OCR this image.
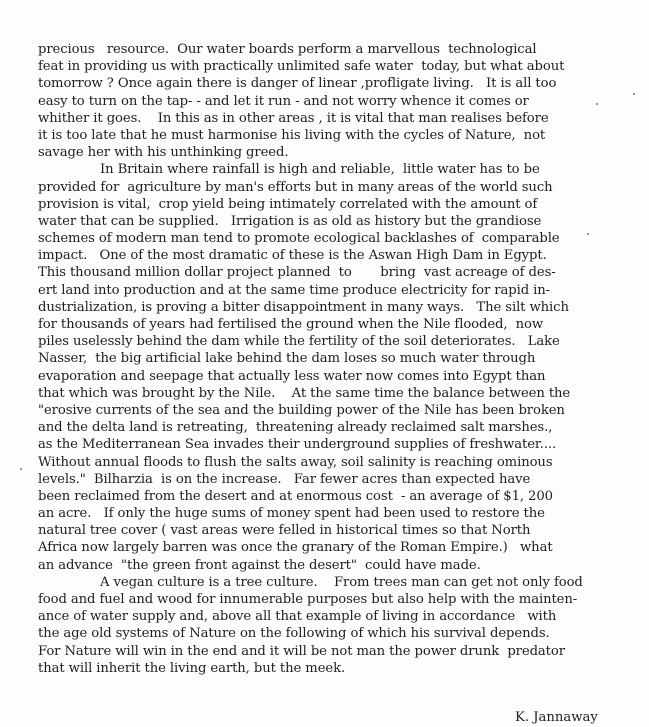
precious   resource.  Our water boards perform a marvellous  technological
feat in providing us with practically unlimited safe water  today, but what about
tomorrow ? Once again there is danger of linear ,profligate living.   It is all too
easy to turn on the tap- - and let it run - and not worry whence it comes or
whither it goes.    In this as in other areas , it is vital that man realises before
it is too late that he must harmonise his living with the cycles of Nature,  not
savage her with his unthinking greed.
In Britain where rainfall is high and reliable,  little water has to be
provided for  agriculture by man's efforts but in many areas of the world such
provision is vital,  crop yield being intimately correlated with the amount of
water that can be supplied.   Irrigation is as old as history but the grandiose
schemes of modern man tend to promote ecological backlashes of  comparable
impact.   One of the most dramatic of these is the Aswan High Dam in Egypt.
This thousand million dollar project planned  to       bring  vast acreage of des-
ert land into production and at the same time produce electricity for rapid in-
dustrialization, is proving a bitter disappointment in many ways.   The silt which
for thousands of years had fertilised the ground when the Nile flooded,  now
piles uselessly behind the dam while the fertility of the soil deteriorates.   Lake
Nasser,  the big artificial lake behind the dam loses so much water through
evaporation and seepage that actually less water now comes into Egypt than
that which was brought by the Nile.    At the same time the balance between the
"erosive currents of the sea and the building power of the Nile has been broken
and the delta land is retreating,  threatening already reclaimed salt marshes.,
as the Mediterranean Sea invades their underground supplies of freshwater....
Without annual floods to flush the salts away, soil salinity is reaching ominous
levels."  Bilharzia  is on the increase.   Far fewer acres than expected have
been reclaimed from the desert and at enormous cost  - an average of $1, 200
an acre.   If only the huge sums of money spent had been used to restore the
natural tree cover ( vast areas were felled in historical times so that North
Africa now largely barren was once the granary of the Roman Empire.)   what
an advance  "the green front against the desert"  could have made.
A vegan culture is a tree culture.    From trees man can get not only food
food and fuel and wood for innumerable purposes but also help with the mainten-
ance of water supply and, above all that example of living in accordance   with
the age old systems of Nature on the following of which his survival depends.
For Nature will win in the end and it will be not man the power drunk  predator
that will inherit the living earth, but the meek.
K. Jannaway
